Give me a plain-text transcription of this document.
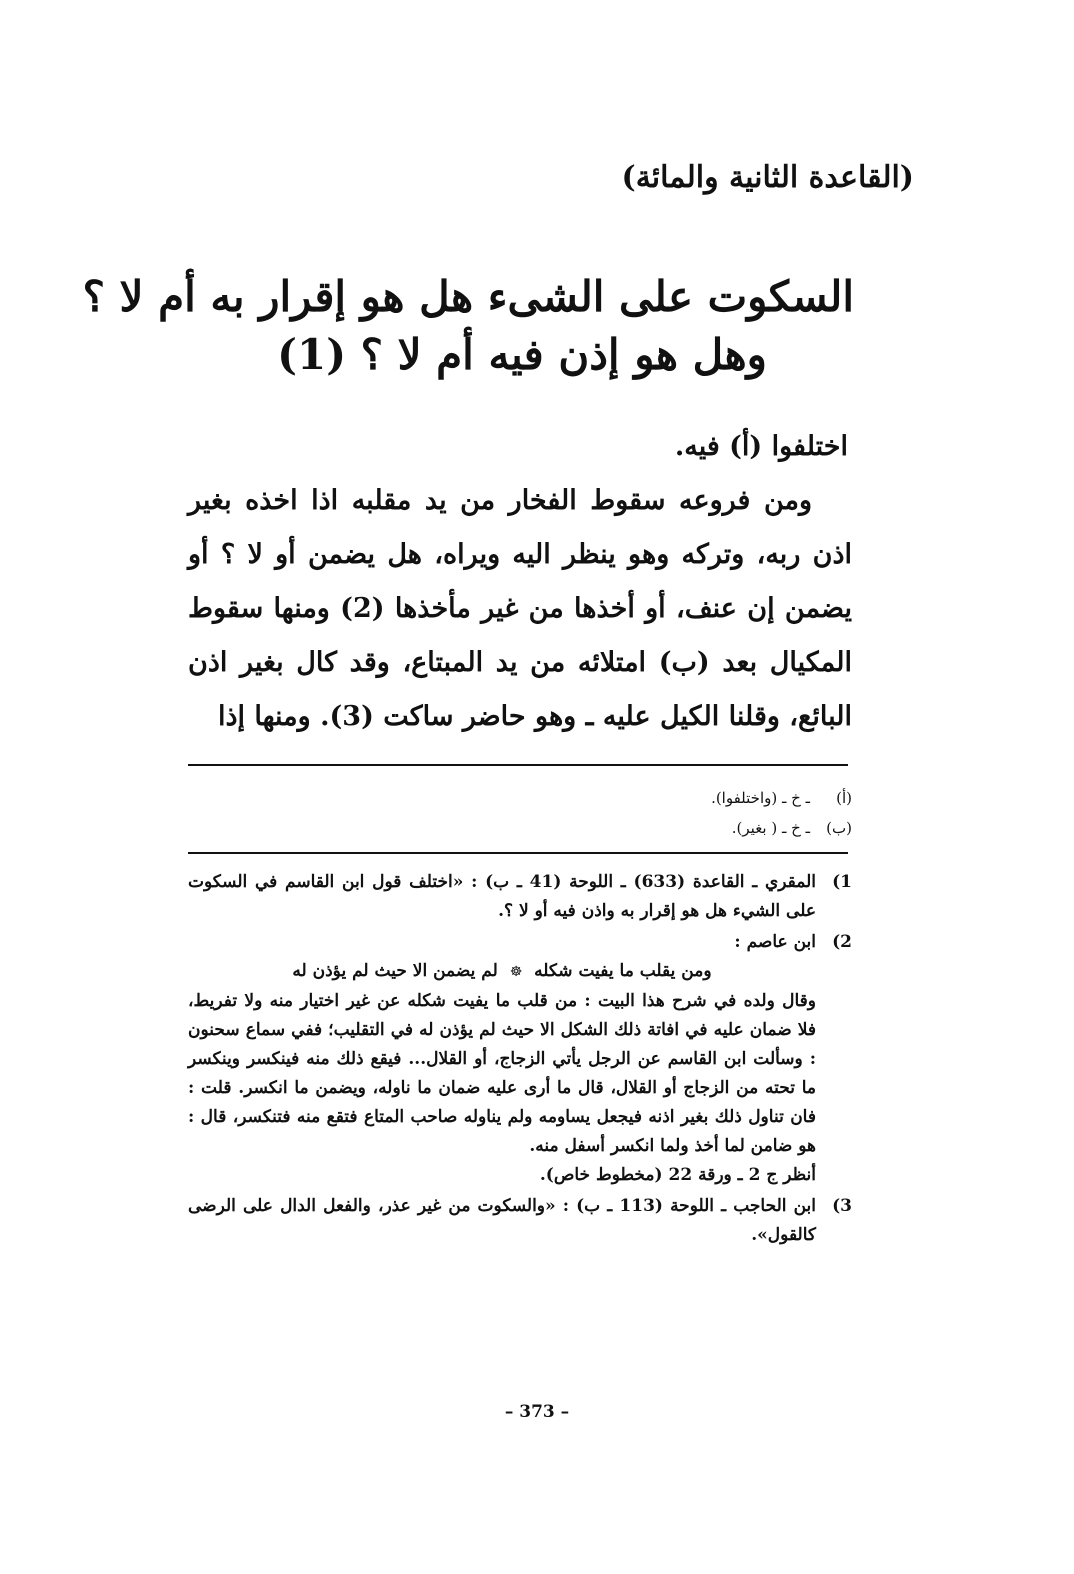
(القاعدة الثانية والمائة)
السكوت على الشىء هل هو إقرار به أم لا ؟
وهل هو إذن فيه أم لا ؟ (1)

اختلفوا (أ) فيه.

ومن فروعه سقوط الفخار من يد مقلبه اذا اخذه بغير اذن ربه، وتركه وهو ينظر اليه ويراه، هل يضمن أو لا ؟ أو يضمن إن عنف، أو أخذها من غير مأخذها (2) ومنها سقوط المكيال بعد (ب) امتلائه من يد المبتاع، وقد كال بغير اذن البائع، وقلنا الكيل عليه ـ وهو حاضر ساكت (3). ومنها إذا

(أ)
ـ خ ـ (واختلفوا).
(ب)
ـ خ ـ ( بغير).
1)

المقري ـ القاعدة (633) ـ اللوحة (41 ـ ب) : «اختلف قول ابن القاسم في السكوت على الشيء هل هو إقرار به واذن فيه أو لا ؟.

2)

ابن عاصم :

ومن يقلب ما يفيت شكله ☸ لم يضمن الا حيث لم يؤذن له

وقال ولده في شرح هذا البيت : من قلب ما يفيت شكله عن غير اختيار منه ولا تفريط، فلا ضمان عليه في افاتة ذلك الشكل الا حيث لم يؤذن له في التقليب؛ ففي سماع سحنون : وسألت ابن القاسم عن الرجل يأتي الزجاج، أو القلال... فيقع ذلك منه فينكسر وينكسر ما تحته من الزجاج أو القلال، قال ما أرى عليه ضمان ما ناوله، ويضمن ما انكسر. قلت : فان تناول ذلك بغير اذنه فيجعل يساومه ولم يناوله صاحب المتاع فتقع منه فتنكسر، قال : هو ضامن لما أخذ ولما انكسر أسفل منه.

أنظر ج 2 ـ ورقة 22 (مخطوط خاص).

3)

ابن الحاجب ـ اللوحة (113 ـ ب) : «والسكوت من غير عذر، والفعل الدال على الرضى كالقول».

– 373 –
